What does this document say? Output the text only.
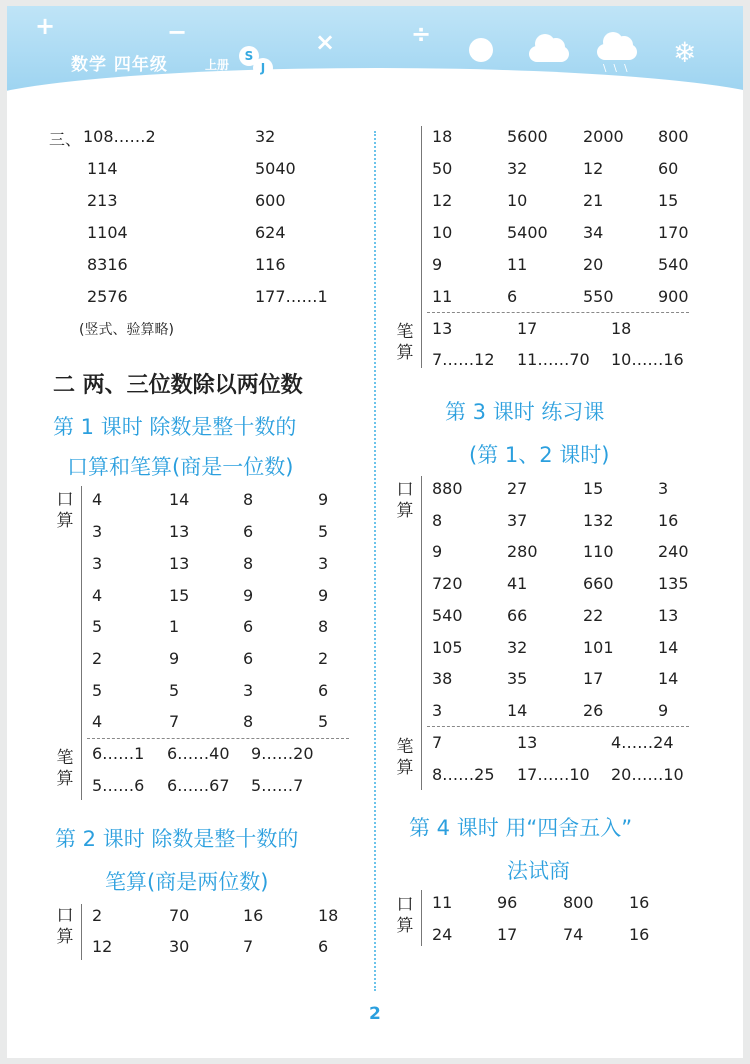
+	−	×	÷
数学 四年级	上册
S
J	\ \ \ ❄
三、 108……2	32
114	5040
213	600
1104	624
8316	116
2576	177……1
(竖式、验算略)
二 两、三位数除以两位数
第 1 课时 除数是整十数的
口算和笔算(商是一位数)
口算
4	14	8	9
3	13	6	5
3	13	8	3
4	15	9	9
5	1	6	8
2	9	6	2
5	5	3	6
4	7	8	5
笔算
6……1 6……40 9……20
5……6 6……67 5……7
第 2 课时 除数是整十数的
笔算(商是两位数)
口算
2	70	16	18
12	30	7	6
18	5600 2000 800
50	32	12	60
12	10	21	15
10	5400 34	170
9	11	20	540
11	6	550	900
笔算
13	17	18
7……12 11……70 10……16
第 3 课时 练习课
(第 1、2 课时)
口算
880	27	15	3
8	37	132	16
9	280	110	240
720	41	660	135
540	66	22	13
105	32	101	14
38	35	17	14
3	14	26	9
笔算
7	13	4……24
8……25 17……10 20……10
第 4 课时 用“四舍五入”
法试商
口算
11	96	800 16
24	17	74	16
2
